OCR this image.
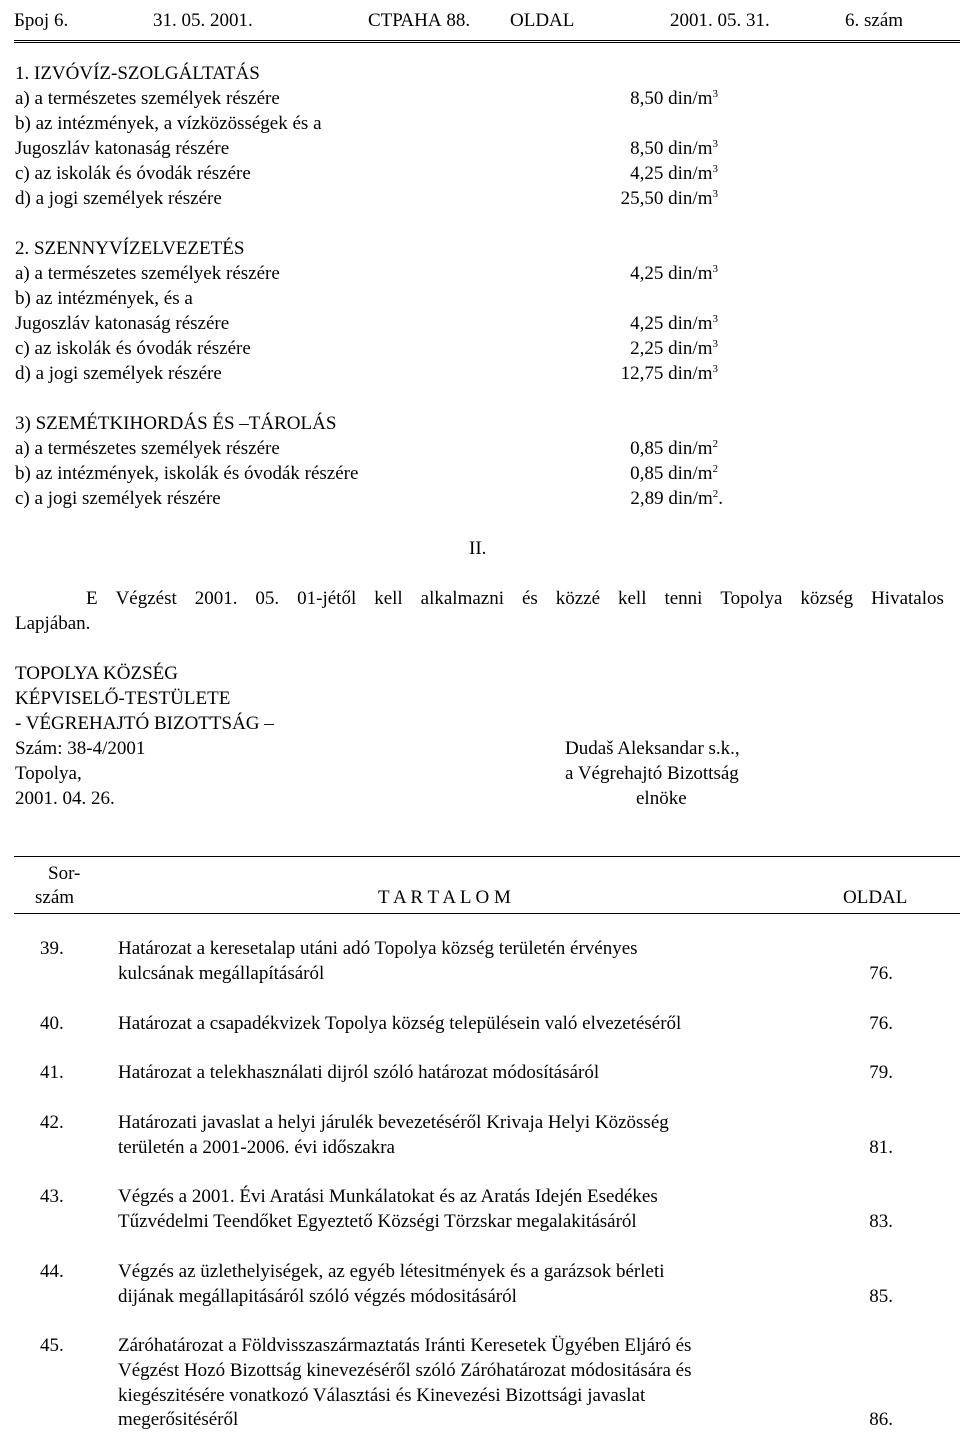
Број 6.	31. 05. 2001.	СТРАНА 88. OLDAL	2001. 05. 31.	6. szám
1. IZVÓVÍZ-SZOLGÁLTATÁS
a) a természetes személyek részére	8,50 din/$m^3$
b) az intézmények, a vízközösségek és a
Jugoszláv katonaság részére	8,50 din/$m^3$
c) az iskolák és óvodák részére	4,25 din/$m^3$
d) a jogi személyek részére	25,50 din/$m^3$
2. SZENNYVÍZELVEZETÉS
a) a természetes személyek részére	4,25 din/$m^3$
b) az intézmények, és a
Jugoszláv katonaság részére	4,25 din/$m^3$
c) az iskolák és óvodák részére	2,25 din/$m^3$
d) a jogi személyek részére	12,75 din/$m^3$
3) SZEMÉTKIHORDÁS ÉS –TÁROLÁS
a) a természetes személyek részére	0,85 din/$m^2$
b) az intézmények, iskolák és óvodák részére	0,85 din/$m^2$
c) a jogi személyek részére	2,89 din/$m^2$.
II.
E Végzést 2001. 05. 01-jétől kell alkalmazni és közzé kell tenni Topolya község Hivatalos
Lapjában.
TOPOLYA KÖZSÉG
KÉPVISELŐ-TESTÜLETE
- VÉGREHAJTÓ BIZOTTSÁG –
Szám: 38-4/2001
Topolya,
2001. 04. 26.
Dudaš Aleksandar s.k.,
a Végrehajtó Bizottság
elnöke
Sor-
szám	T A R T A L O M	OLDAL
39.	Határozat a keresetalap utáni adó Topolya község területén érvényes
kulcsának megállapításáról	76.
40.	Határozat a csapadékvizek Topolya község településein való elvezetéséről	76.
41.	Határozat a telekhasználati dijról szóló határozat módosításáról	79.
42.	Határozati javaslat a helyi járulék bevezetéséről Krivaja Helyi Közösség
területén a 2001-2006. évi időszakra	81.
43.	Végzés a 2001. Évi Aratási Munkálatokat és az Aratás Idején Esedékes
Tűzvédelmi Teendőket Egyeztető Községi Törzskar megalakitásáról	83.
44.	Végzés az üzlethelyiségek, az egyéb létesitmények és a garázsok bérleti
dijának megállapitásáról szóló végzés módositásáról	85.
45.	Záróhatározat a Földvisszaszármaztatás Iránti Keresetek Ügyében Eljáró és
Végzést Hozó Bizottság kinevezéséről szóló Záróhatározat módositására és
kiegészitésére vonatkozó Választási és Kinevezési Bizottsági javaslat
megerősitéséről	86.
